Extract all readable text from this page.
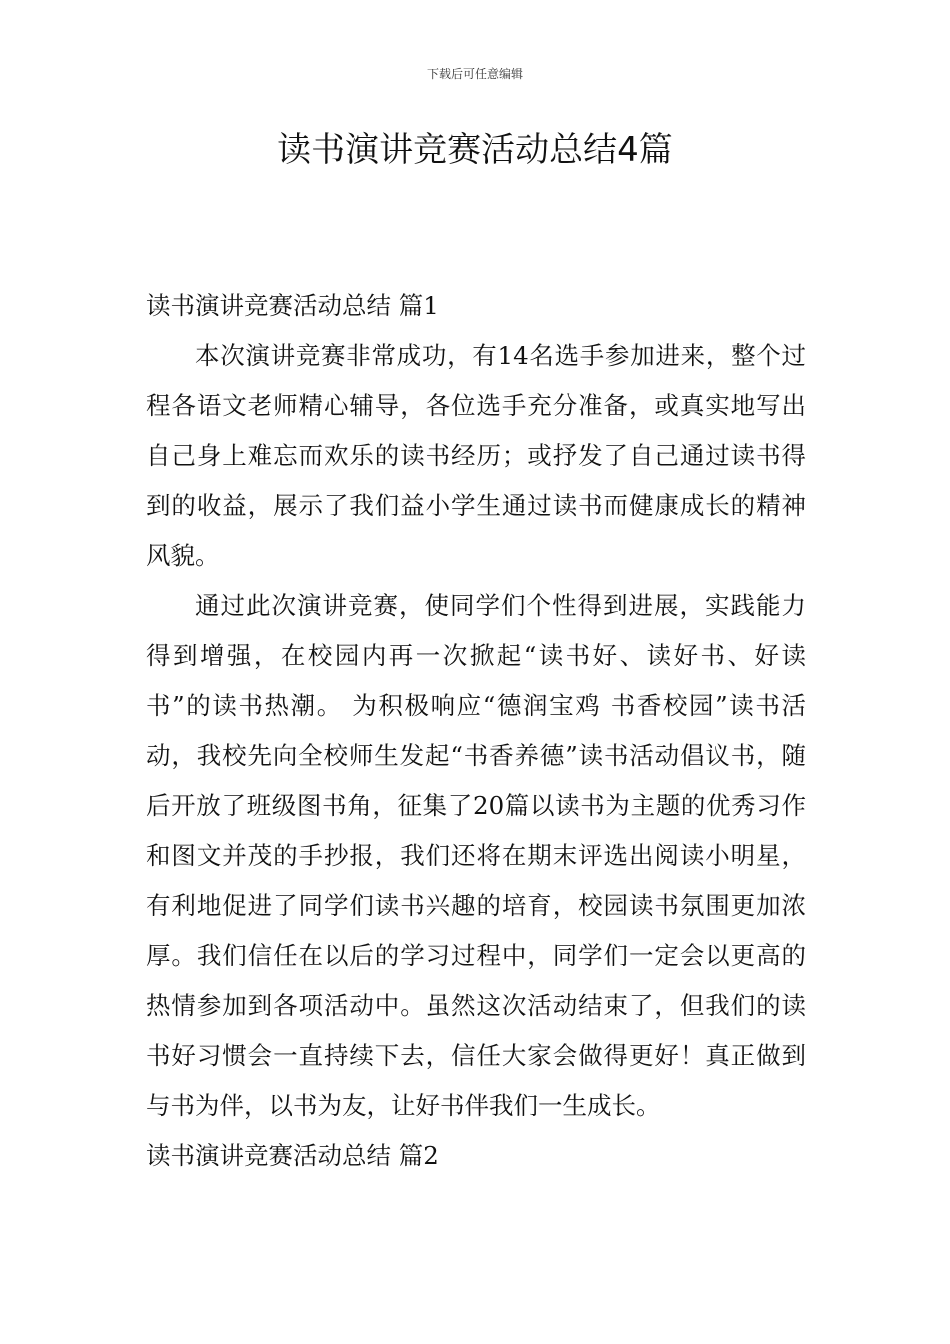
下载后可任意编辑
读书演讲竞赛活动总结4篇
读书演讲竞赛活动总结 篇1

本次演讲竞赛非常成功，有14名选手参加进来，整个过程各语文老师精心辅导，各位选手充分准备，或真实地写出自己身上难忘而欢乐的读书经历；或抒发了自己通过读书得到的收益，展示了我们益小学生通过读书而健康成长的精神风貌。

通过此次演讲竞赛，使同学们个性得到进展，实践能力得到增强，在校园内再一次掀起“读书好、读好书、好读书”的读书热潮。 为积极响应“德润宝鸡 书香校园”读书活动，我校先向全校师生发起“书香养德”读书活动倡议书，随后开放了班级图书角，征集了20篇以读书为主题的优秀习作和图文并茂的手抄报，我们还将在期末评选出阅读小明星，有利地促进了同学们读书兴趣的培育，校园读书氛围更加浓厚。我们信任在以后的学习过程中，同学们一定会以更高的热情参加到各项活动中。虽然这次活动结束了，但我们的读书好习惯会一直持续下去，信任大家会做得更好！真正做到与书为伴，以书为友，让好书伴我们一生成长。

读书演讲竞赛活动总结 篇2
